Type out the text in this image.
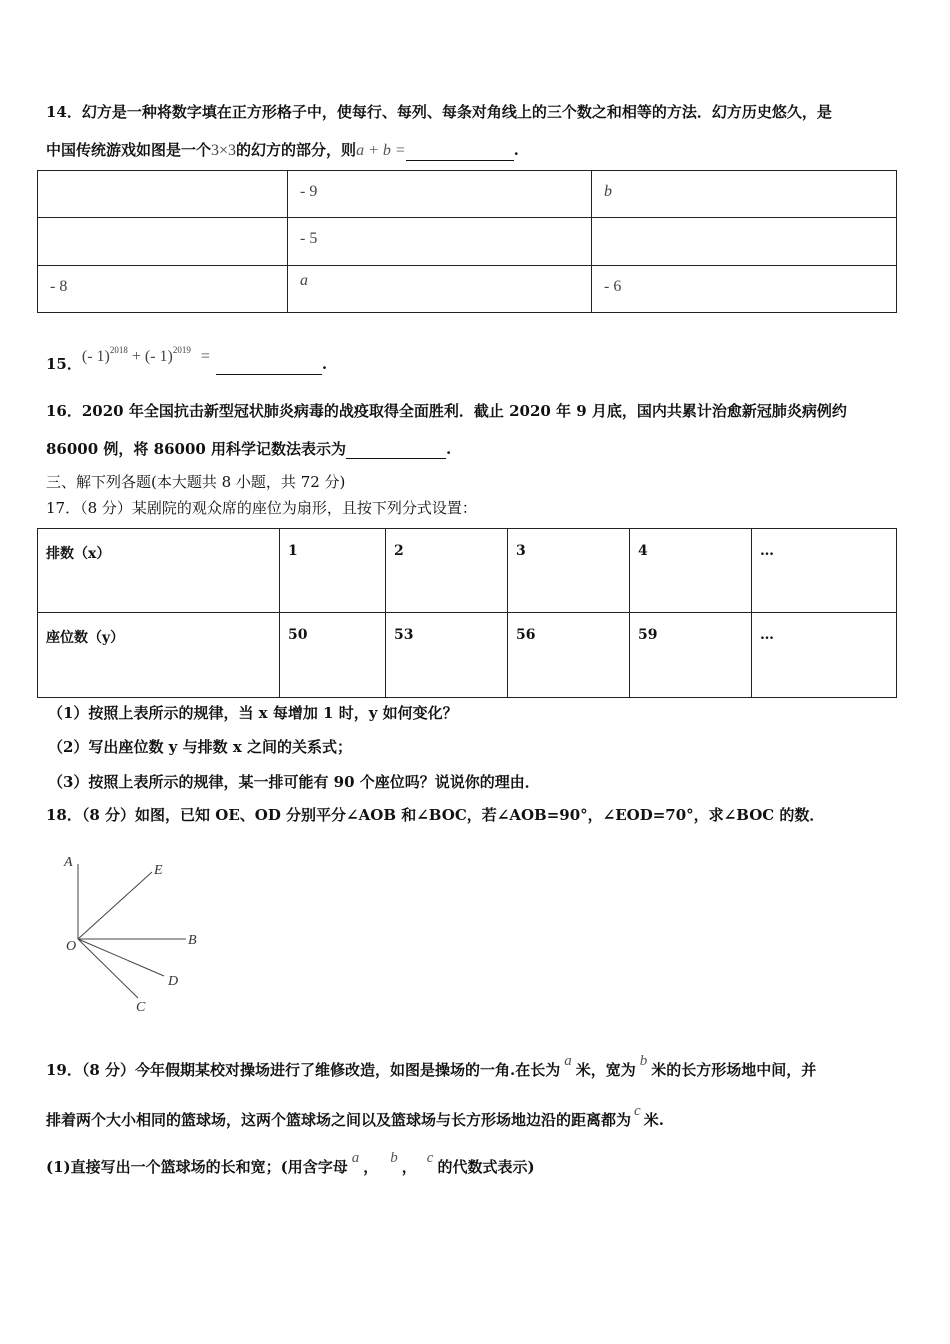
14．幻方是一种将数字填在正方形格子中，使每行、每列、每条对角线上的三个数之和相等的方法．幻方历史悠久，是
中国传统游戏如图是一个3×3的幻方的部分，则a + b =	.
	- 9	b
	- 5	
- 8	a	- 6
15．(- 1)$^{2018}$ + (- 1)$^{2019}$ =	.
16．2020 年全国抗击新型冠状肺炎病毒的战疫取得全面胜利．截止 2020 年 9 月底，国内共累计治愈新冠肺炎病例约
86000 例，将 86000 用科学记数法表示为	.
三、解下列各题(本大题共 8 小题，共 72 分)
17．（8 分）某剧院的观众席的座位为扇形，且按下列分式设置：
排数（x）	1	2	3	4	…
座位数（y）	50	53	56	59	…
（1）按照上表所示的规律，当 x 每增加 1 时，y 如何变化？
（2）写出座位数 y 与排数 x 之间的关系式；
（3）按照上表所示的规律，某一排可能有 90 个座位吗？说说你的理由．
18．（8 分）如图，已知 OE、OD 分别平分∠AOB 和∠BOC，若∠AOB=90°，∠EOD=70°，求∠BOC 的数．
A
E
O	B
D
C
19．（8 分）今年假期某校对操场进行了维修改造，如图是操场的一角.在长为 a 米，宽为 b 米的长方形场地中间，并
排着两个大小相同的篮球场，这两个篮球场之间以及篮球场与长方形场地边沿的距离都为 c 米.
(1)直接写出一个篮球场的长和宽；(用含字母 a ， b ， c 的代数式表示)
